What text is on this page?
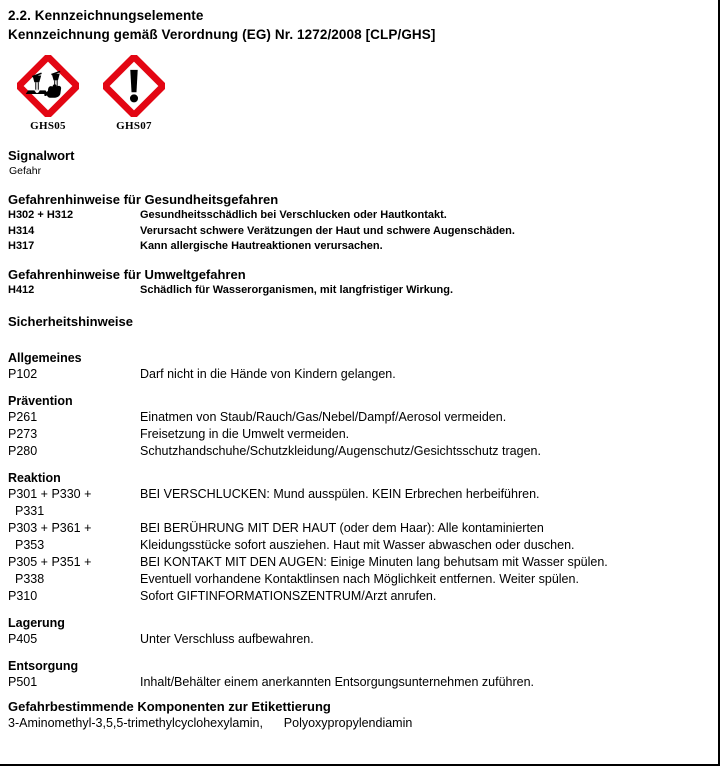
2.2. Kennzeichnungselemente
Kennzeichnung gemäß Verordnung (EG) Nr. 1272/2008 [CLP/GHS]
GHS05	GHS07
Signalwort
Gefahr
Gefahrenhinweise für Gesundheitsgefahren
H302 + H312	Gesundheitsschädlich bei Verschlucken oder Hautkontakt.
H314	Verursacht schwere Verätzungen der Haut und schwere Augenschäden.
H317	Kann allergische Hautreaktionen verursachen.
Gefahrenhinweise für Umweltgefahren
H412	Schädlich für Wasserorganismen, mit langfristiger Wirkung.
Sicherheitshinweise
Allgemeines
P102	Darf nicht in die Hände von Kindern gelangen.
Prävention
P261	Einatmen von Staub/Rauch/Gas/Nebel/Dampf/Aerosol vermeiden.
P273	Freisetzung in die Umwelt vermeiden.
P280	Schutzhandschuhe/Schutzkleidung/Augenschutz/Gesichtsschutz tragen.
Reaktion
P301 + P330 +	BEI VERSCHLUCKEN: Mund ausspülen. KEIN Erbrechen herbeiführen.
P331
P303 + P361 +	BEI BERÜHRUNG MIT DER HAUT (oder dem Haar): Alle kontaminierten
P353	Kleidungsstücke sofort ausziehen. Haut mit Wasser abwaschen oder duschen.
P305 + P351 +	BEI KONTAKT MIT DEN AUGEN: Einige Minuten lang behutsam mit Wasser spülen.
P338	Eventuell vorhandene Kontaktlinsen nach Möglichkeit entfernen. Weiter spülen.
P310	Sofort GIFTINFORMATIONSZENTRUM/Arzt anrufen.
Lagerung
P405	Unter Verschluss aufbewahren.
Entsorgung
P501	Inhalt/Behälter einem anerkannten Entsorgungsunternehmen zuführen.
Gefahrbestimmende Komponenten zur Etikettierung
3-Aminomethyl-3,5,5-trimethylcyclohexylamin,      Polyoxypropylendiamin
